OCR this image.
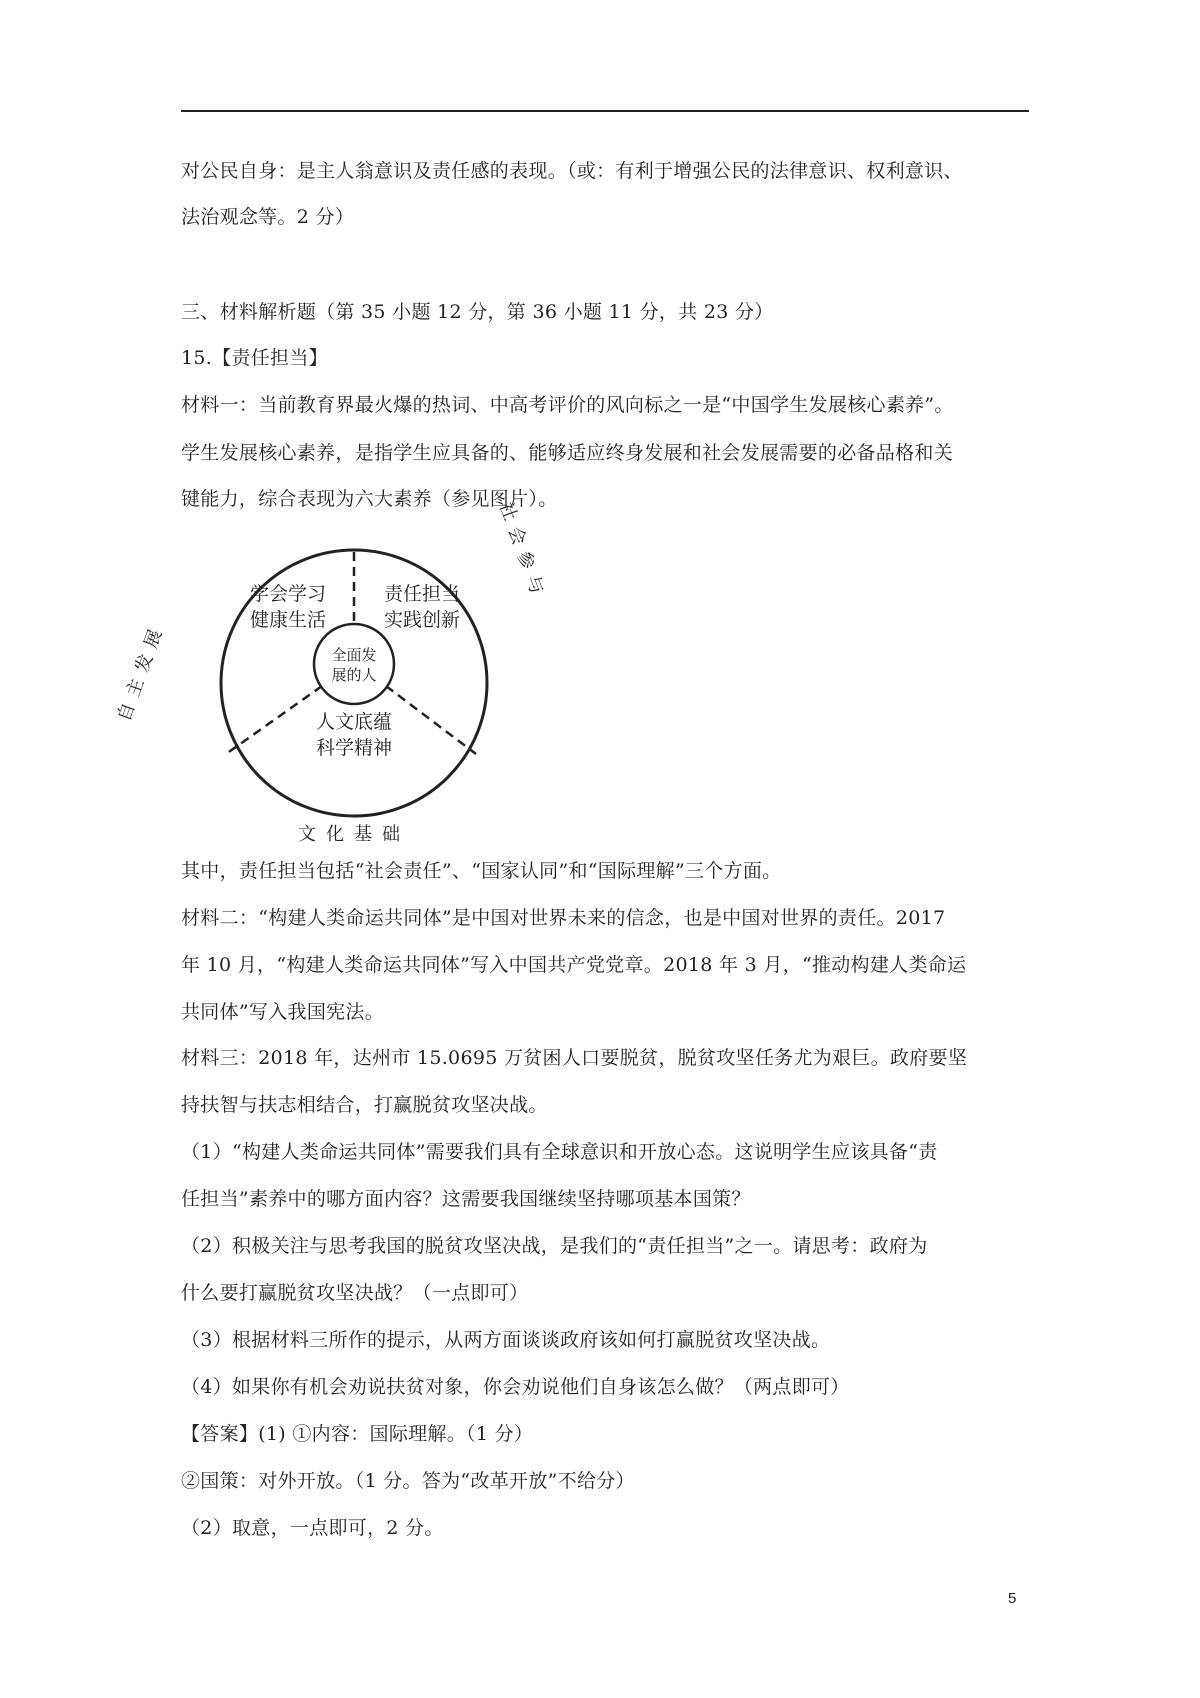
对公民自身：是主人翁意识及责任感的表现。（或：有利于增强公民的法律意识、权利意识、
法治观念等。2 分）
三、材料解析题（第 35 小题 12 分，第 36 小题 11 分，共 23 分）
15.【责任担当】
材料一：当前教育界最火爆的热词、中高考评价的风向标之一是“中国学生发展核心素养”。
学生发展核心素养，是指学生应具备的、能够适应终身发展和社会发展需要的必备品格和关
键能力，综合表现为六大素养（参见图片）。
全面发
展的人
学会学习
健康生活
责任担当
实践创新
人文底蕴
科学精神
自主发展
社会参与
文化基础
其中，责任担当包括“社会责任”、“国家认同”和“国际理解”三个方面。
材料二：“构建人类命运共同体”是中国对世界未来的信念，也是中国对世界的责任。2017
年 10 月，“构建人类命运共同体”写入中国共产党党章。2018 年 3 月，“推动构建人类命运
共同体”写入我国宪法。
材料三：2018 年，达州市 15.0695 万贫困人口要脱贫，脱贫攻坚任务尤为艰巨。政府要坚
持扶智与扶志相结合，打赢脱贫攻坚决战。
（1）“构建人类命运共同体”需要我们具有全球意识和开放心态。这说明学生应该具备“责
任担当”素养中的哪方面内容？这需要我国继续坚持哪项基本国策？
（2）积极关注与思考我国的脱贫攻坚决战，是我们的“责任担当”之一。请思考：政府为
什么要打赢脱贫攻坚决战？（一点即可）
（3）根据材料三所作的提示，从两方面谈谈政府该如何打赢脱贫攻坚决战。
（4）如果你有机会劝说扶贫对象，你会劝说他们自身该怎么做？（两点即可）
【答案】(1) ①内容：国际理解。（1 分）
②国策：对外开放。（1 分。答为“改革开放”不给分）
（2）取意，一点即可，2 分。
5
